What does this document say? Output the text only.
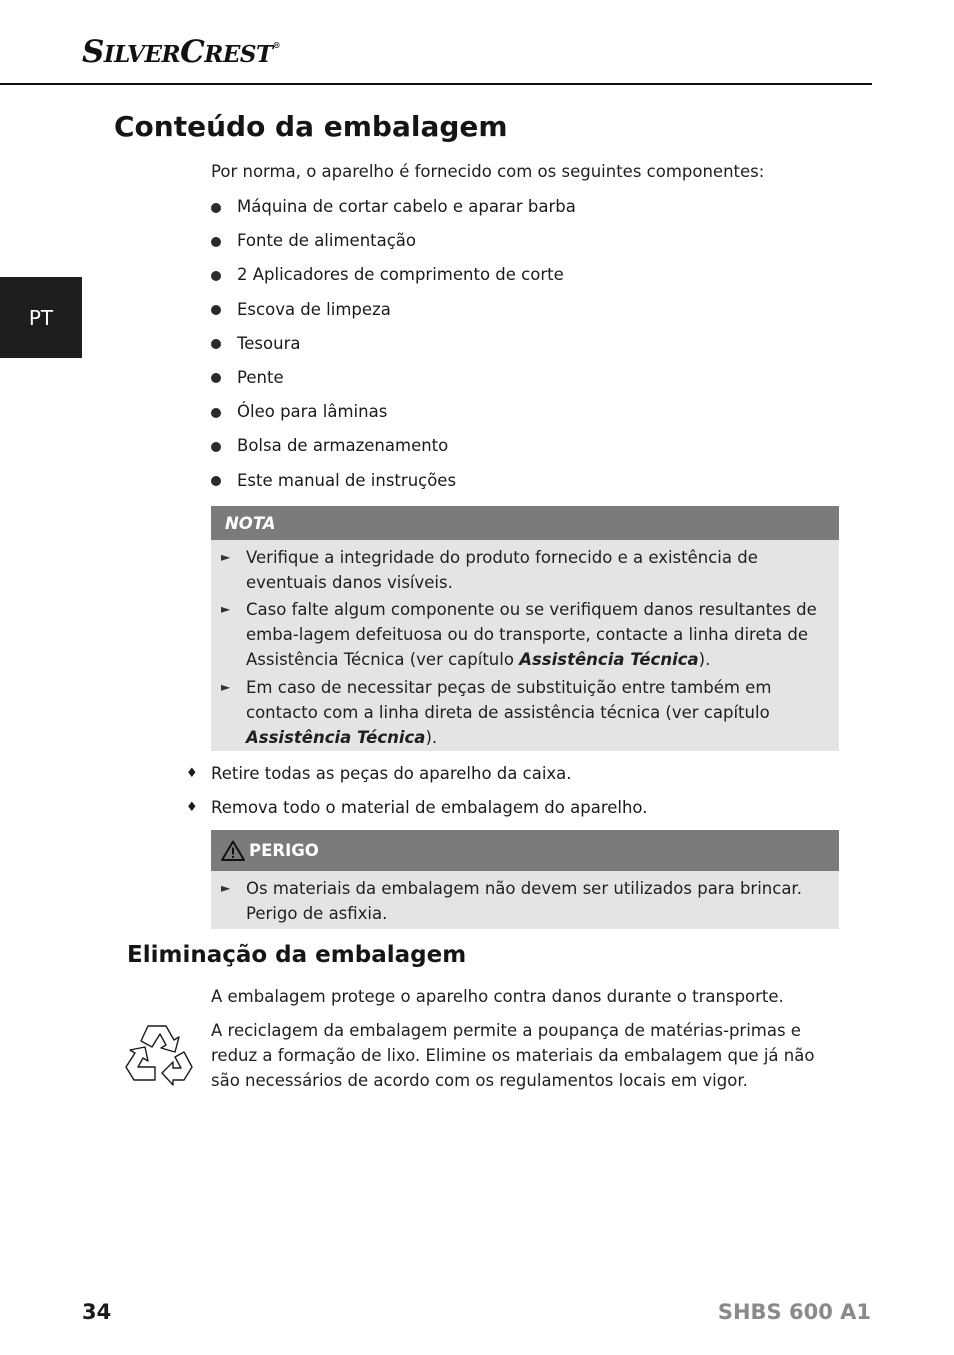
SILVERCREST®
PT
Conteúdo da embalagem
Por norma, o aparelho é fornecido com os seguintes componentes:
Máquina de cortar cabelo e aparar barba
Fonte de alimentação
2 Aplicadores de comprimento de corte
Escova de limpeza
Tesoura
Pente
Óleo para lâminas
Bolsa de armazenamento
Este manual de instruções
NOTA
► Verifique a integridade do produto fornecido e a existência de eventuais danos visíveis.
► Caso falte algum componente ou se verifiquem danos resultantes de emba-lagem defeituosa ou do transporte, contacte a linha direta de Assistência Técnica (ver capítulo Assistência Técnica).
► Em caso de necessitar peças de substituição entre também em contacto com a linha direta de assistência técnica (ver capítulo Assistência Técnica).
♦ Retire todas as peças do aparelho da caixa.
♦ Remova todo o material de embalagem do aparelho.
PERIGO
► Os materiais da embalagem não devem ser utilizados para brincar. Perigo de asfixia.
Eliminação da embalagem
A embalagem protege o aparelho contra danos durante o transporte.
A reciclagem da embalagem permite a poupança de matérias-primas e reduz a formação de lixo. Elimine os materiais da embalagem que já não são necessários de acordo com os regulamentos locais em vigor.
34	SHBS 600 A1
